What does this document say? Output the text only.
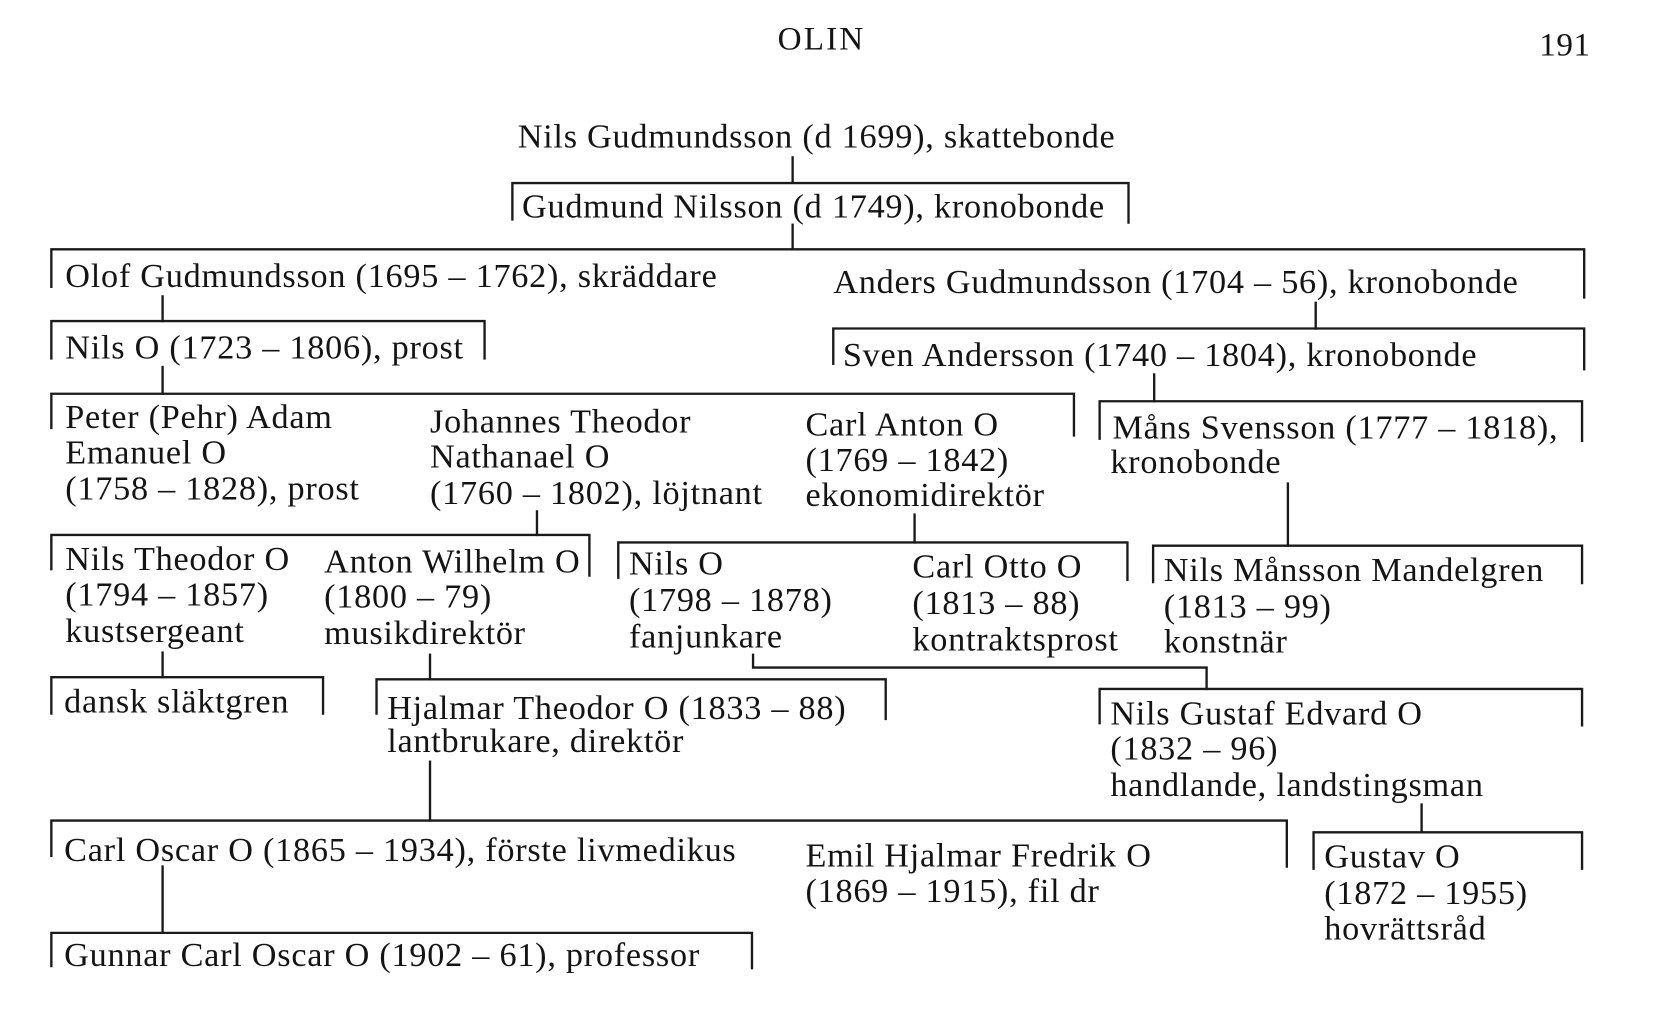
OLIN	191
Nils Gudmundsson (d 1699), skattebonde
Gudmund Nilsson (d 1749), kronobonde
Olof Gudmundsson (1695 – 1762), skräddare	Anders Gudmundsson (1704 – 56), kronobonde
Nils O (1723 – 1806), prost	Sven Andersson (1740 – 1804), kronobonde
Peter (Pehr) Adam
Emanuel O
(1758 – 1828), prost
Johannes Theodor
Nathanael O
(1760 – 1802), löjtnant
Carl Anton O
(1769 – 1842)
ekonomidirektör
Måns Svensson (1777 – 1818),
kronobonde
Nils Theodor O
(1794 – 1857)
kustsergeant
Anton Wilhelm O
(1800 – 79)
musikdirektör
Nils O
(1798 – 1878)
fanjunkare
Carl Otto O
(1813 – 88)
kontraktsprost
Nils Månsson Mandelgren
(1813 – 99)
konstnär
dansk släktgren	Hjalmar Theodor O (1833 – 88)
lantbrukare, direktör
Nils Gustaf Edvard O
(1832 – 96)
handlande, landstingsman
Carl Oscar O (1865 – 1934), förste livmedikus Emil Hjalmar Fredrik O
(1869 – 1915), fil dr
Gustav O
(1872 – 1955)
hovrättsråd
Gunnar Carl Oscar O (1902 – 61), professor
